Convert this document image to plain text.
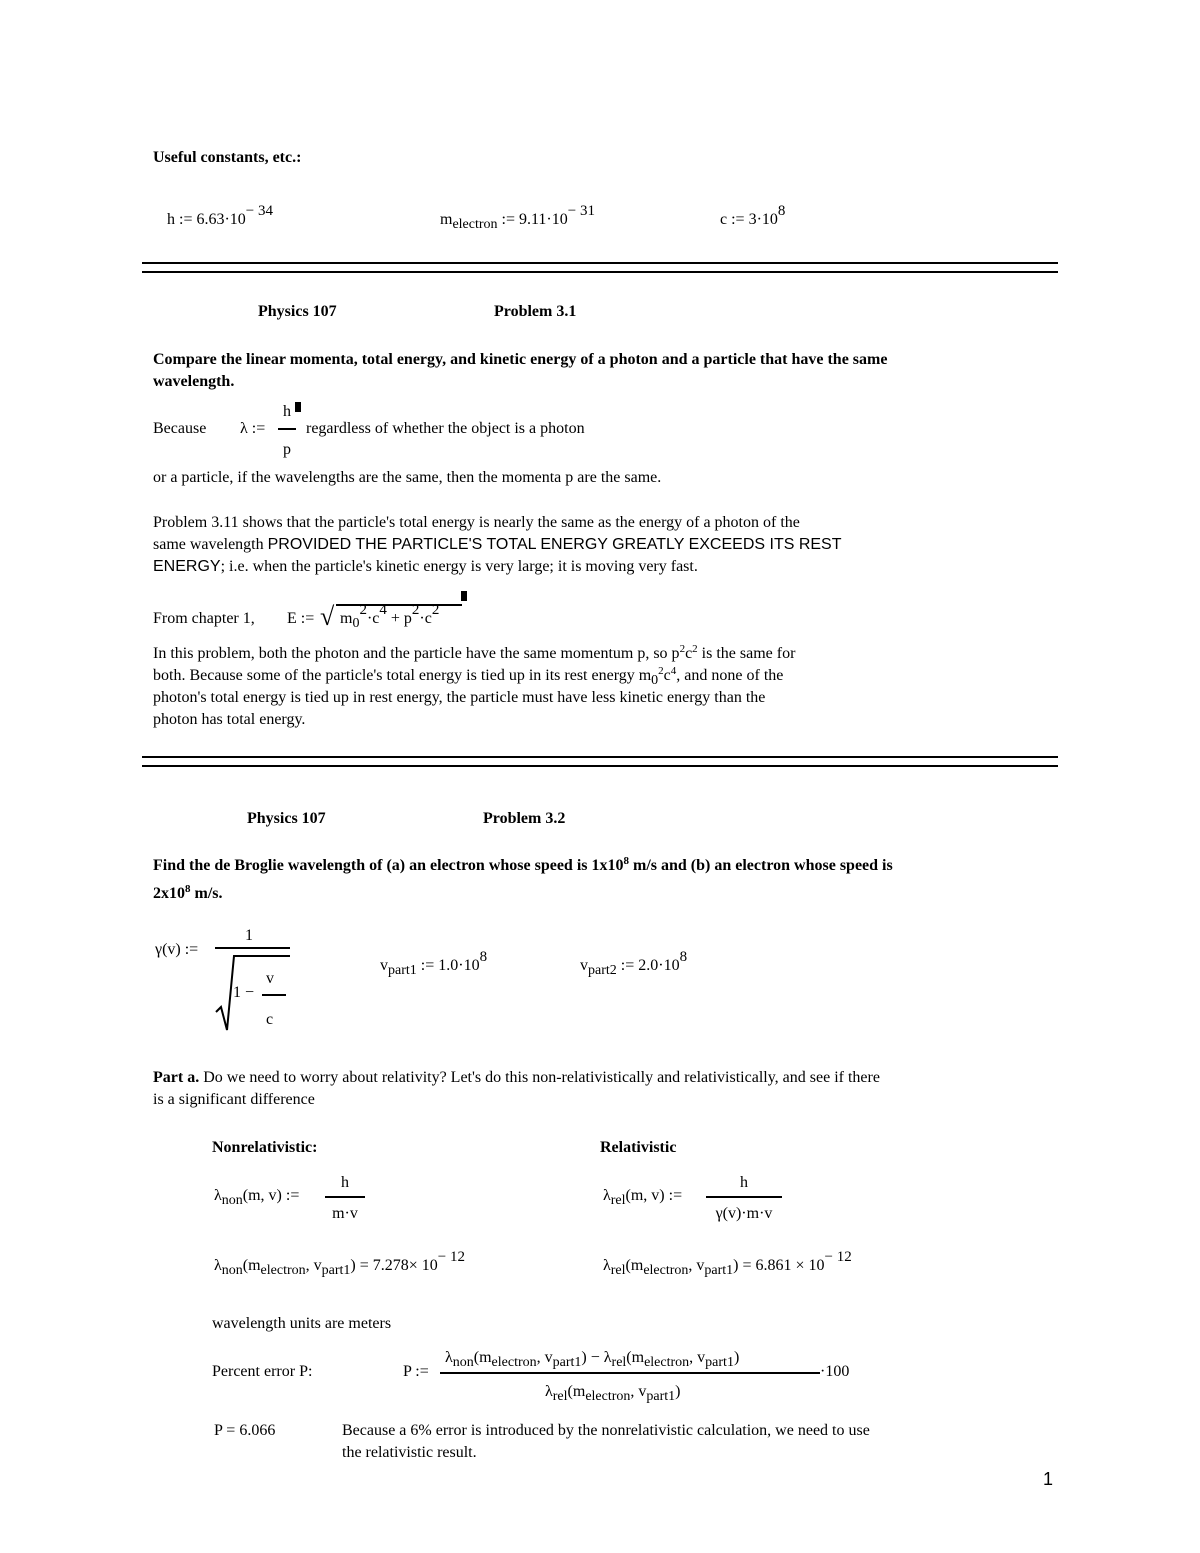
Useful constants, etc.:
h := 6.63·10− 34	melectron := 9.11·10− 31	c := 3·108
Physics 107	Problem 3.1
Compare the linear momenta, total energy, and kinetic energy of a photon and a particle that have the same
wavelength.
Because λ :=
h
p
regardless of whether the object is a photon
or a particle, if the wavelengths are the same, then the momenta p are the same.
Problem 3.11 shows that the particle's total energy is nearly the same as the energy of a photon of the
same wavelength PROVIDED THE PARTICLE'S TOTAL ENERGY GREATLY EXCEEDS ITS REST
ENERGY; i.e. when the particle's kinetic energy is very large; it is moving very fast.
From chapter 1, E := √ m02·c4 + p2·c2
In this problem, both the photon and the particle have the same momentum p, so $p^2c^2$ is the same for
both. Because some of the particle's total energy is tied up in its rest energy $m0^2c^4$, and none of the
photon's total energy is tied up in rest energy, the particle must have less kinetic energy than the
photon has total energy.
Physics 107	Problem 3.2
Find the de Broglie wavelength of (a) an electron whose speed is $1x10^8$ m/s and (b) an electron whose speed is
$2x10^8$ m/s.
γ(v) :=
1
1 −
v
c
vpart1 := 1.0·108	vpart2 := 2.0·108
Part a. Do we need to worry about relativity? Let's do this non-relativistically and relativistically, and see if there
is a significant difference
Nonrelativistic:	Relativistic
λnon(m, v) :=
h
m·v
λrel(m, v) :=
h
γ(v)·m·v
λnon(melectron, vpart1) = 7.278× 10− 12	λrel(melectron, vpart1) = 6.861 × 10− 12
wavelength units are meters
Percent error P:	P :=
λnon(melectron, vpart1) − λrel(melectron, vpart1)
·100
λrel(melectron, vpart1)
P = 6.066	Because a 6% error is introduced by the nonrelativistic calculation, we need to use
the relativistic result.
1
